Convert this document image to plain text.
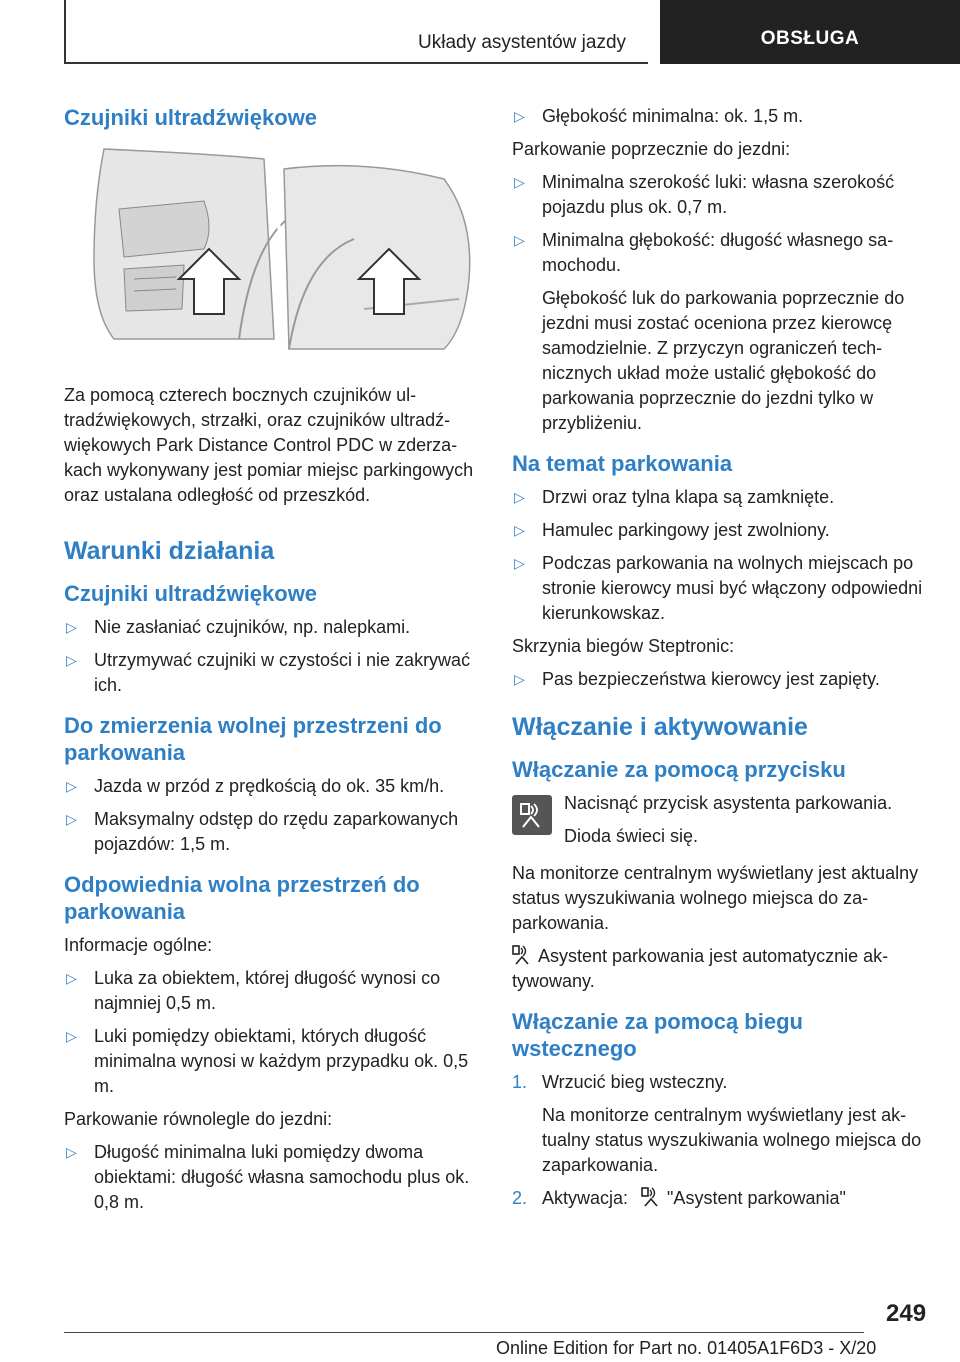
Układy asystentów jazdy	OBSŁUGA
Czujniki ultradźwiękowe

Za pomocą czterech bocznych czujników ultradźwiękowych, strzałki, oraz czujników ultradźwiękowych Park Distance Control PDC w zderzakach wykonywany jest pomiar miejsc parkingowych oraz ustalana odległość od przeszkód.

Warunki działania
Czujniki ultradźwiękowe
▷ Nie zasłaniać czujników, np. nalepkami.
▷ Utrzymywać czujniki w czystości i nie zakrywać ich.
Do zmierzenia wolnej przestrzeni do parkowania
▷ Jazda w przód z prędkością do ok. 35 km/h.
▷ Maksymalny odstęp do rzędu zaparkowanych pojazdów: 1,5 m.
Odpowiednia wolna przestrzeń do parkowania

Informacje ogólne:

▷ Luka za obiektem, której długość wynosi co najmniej 0,5 m.
▷ Luki pomiędzy obiektami, których długość minimalna wynosi w każdym przypadku ok. 0,5 m.

Parkowanie równolegle do jezdni:

▷ Długość minimalna luki pomiędzy dwoma obiektami: długość własna samochodu plus ok. 0,8 m.
▷ Głębokość minimalna: ok. 1,5 m.

Parkowanie poprzecznie do jezdni:

▷ Minimalna szerokość luki: własna szerokość pojazdu plus ok. 0,7 m.
▷ Minimalna głębokość: długość własnego samochodu.
Głębokość luk do parkowania poprzecznie do jezdni musi zostać oceniona przez kierowcę samodzielnie. Z przyczyn ograniczeń technicznych układ może ustalić głębokość do parkowania poprzecznie do jezdni tylko w przybliżeniu.
Na temat parkowania
▷ Drzwi oraz tylna klapa są zamknięte.
▷ Hamulec parkingowy jest zwolniony.
▷ Podczas parkowania na wolnych miejscach po stronie kierowcy musi być włączony odpowiedni kierunkowskaz.

Skrzynia biegów Steptronic:

▷ Pas bezpieczeństwa kierowcy jest zapięty.
Włączanie i aktywowanie
Włączanie za pomocą przycisku

Nacisnąć przycisk asystenta parkowania.

Dioda świeci się.

Na monitorze centralnym wyświetlany jest aktualny status wyszukiwania wolnego miejsca do zaparkowania.

Asystent parkowania jest automatycznie aktywowany.

Włączanie za pomocą biegu wstecznego
1. Wrzucić bieg wsteczny.
Na monitorze centralnym wyświetlany jest aktualny status wyszukiwania wolnego miejsca do zaparkowania.
2. Aktywacja: "Asystent parkowania"
249
Online Edition for Part no. 01405A1F6D3 - X/20
